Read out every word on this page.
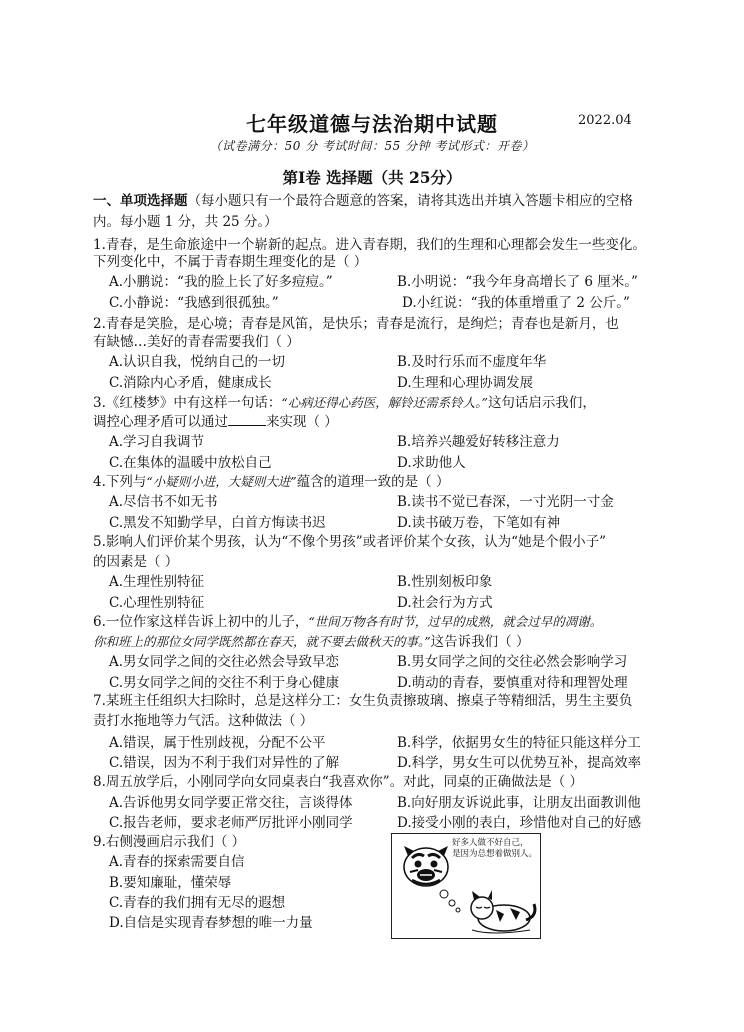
七年级道德与法治期中试题	2022.04
（试卷满分：50 分 考试时间：55 分钟 考试形式：开卷）
第Ⅰ卷 选择题（共 25分）
一、单项选择题（每小题只有一个最符合题意的答案，请将其选出并填入答题卡相应的空格
内。每小题 1 分，共 25 分。）
1.青春，是生命旅途中一个崭新的起点。进入青春期，我们的生理和心理都会发生一些变化。
下列变化中，不属于青春期生理变化的是（ ）
A.小鹏说：“我的脸上长了好多痘痘。”	B.小明说：“我今年身高增长了 6 厘米。”
C.小静说：“我感到很孤独。”	D.小红说：“我的体重增重了 2 公斤。”
2.青春是笑脸，是心境；青春是风笛，是快乐；青春是流行，是绚烂；青春也是新月，也
有缺憾…美好的青春需要我们（ ）
A.认识自我，悦纳自己的一切	B.及时行乐而不虚度年华
C.消除内心矛盾，健康成长	D.生理和心理协调发展
3.《红楼梦》中有这样一句话：“心病还得心药医，解铃还需系铃人。”这句话启示我们，
调控心理矛盾可以通过	来实现（ ）
A.学习自我调节	B.培养兴趣爱好转移注意力
C.在集体的温暖中放松自己	D.求助他人
4.下列与“小疑则小进，大疑则大进”蕴含的道理一致的是（ ）
A.尽信书不如无书	B.读书不觉已春深，一寸光阴一寸金
C.黑发不知勤学早，白首方悔读书迟	D.读书破万卷，下笔如有神
5.影响人们评价某个男孩，认为“不像个男孩”或者评价某个女孩，认为“她是个假小子”
的因素是（ ）
A.生理性别特征	B.性别刻板印象
C.心理性别特征	D.社会行为方式
6.一位作家这样告诉上初中的儿子，“世间万物各有时节，过早的成熟，就会过早的凋谢。
你和班上的那位女同学既然都在春天，就不要去做秋天的事。”这告诉我们（ ）
A.男女同学之间的交往必然会导致早恋	B.男女同学之间的交往必然会影响学习
C.男女同学之间的交往不利于身心健康	D.萌动的青春，要慎重对待和理智处理
7.某班主任组织大扫除时，总是这样分工：女生负责擦玻璃、擦桌子等精细活，男生主要负
责打水拖地等力气活。这种做法（ ）
A.错误，属于性别歧视，分配不公平	B.科学，依据男女生的特征只能这样分工
C.错误，因为不利于我们对异性的了解	D.科学，男女生可以优势互补，提高效率
8.周五放学后，小刚同学向女同桌表白“我喜欢你”。对此，同桌的正确做法是（ ）
A.告诉他男女同学要正常交往，言谈得体	B.向好朋友诉说此事，让朋友出面教训他
C.报告老师，要求老师严厉批评小刚同学	D.接受小刚的表白，珍惜他对自己的好感
9.右侧漫画启示我们（ ）
A.青春的探索需要自信
B.要知廉耻，懂荣辱
C.青春的我们拥有无尽的遐想
D.自信是实现青春梦想的唯一力量
好多人做不好自己，
是因为总想着做别人。
